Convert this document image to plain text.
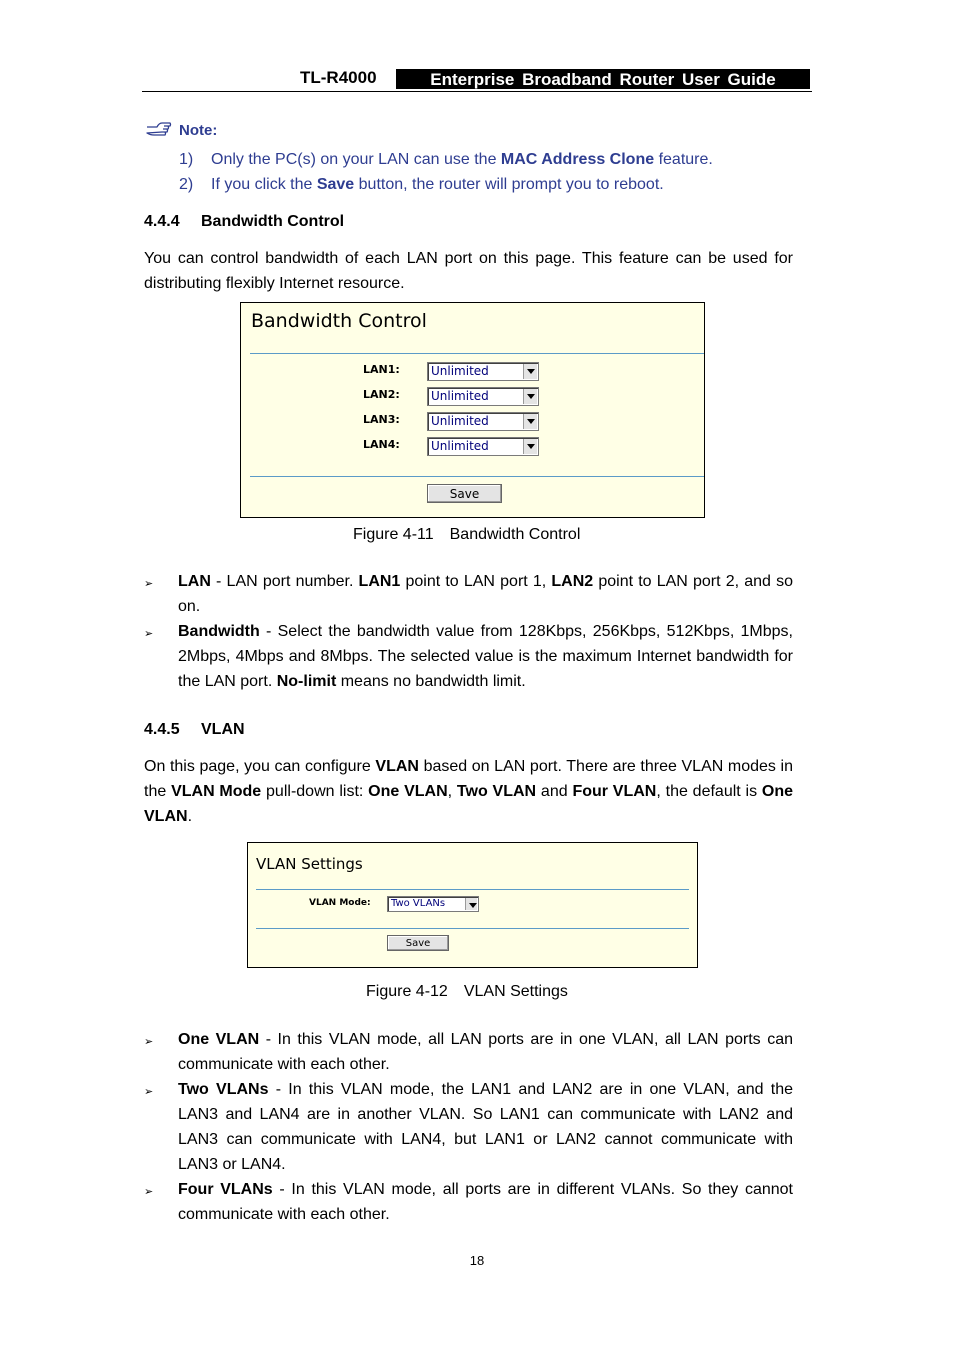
TL-R4000	Enterprise Broadband Router User Guide
Note:
1) Only the PC(s) on your LAN can use the MAC Address Clone feature.
2) If you click the Save button, the router will prompt you to reboot.
4.4.4 Bandwidth Control
You can control bandwidth of each LAN port on this page. This feature can be used for distributing flexibly Internet resource.
Bandwidth Control
LAN1:	Unlimited
LAN2:	Unlimited
LAN3:	Unlimited
LAN4:	Unlimited
Save
Figure 4-11 Bandwidth Control
➢ LAN - LAN port number. LAN1 point to LAN port 1, LAN2 point to LAN port 2, and so on.
➢ Bandwidth - Select the bandwidth value from 128Kbps, 256Kbps, 512Kbps, 1Mbps, 2Mbps, 4Mbps and 8Mbps. The selected value is the maximum Internet bandwidth for the LAN port. No-limit means no bandwidth limit.
4.4.5 VLAN
On this page, you can configure VLAN based on LAN port. There are three VLAN modes in the VLAN Mode pull-down list: One VLAN, Two VLAN and Four VLAN, the default is One VLAN.
VLAN Settings
VLAN Mode: Two VLANs
Save
Figure 4-12 VLAN Settings
➢ One VLAN - In this VLAN mode, all LAN ports are in one VLAN, all LAN ports can communicate with each other.
➢ Two VLANs - In this VLAN mode, the LAN1 and LAN2 are in one VLAN, and the LAN3 and LAN4 are in another VLAN. So LAN1 can communicate with LAN2 and LAN3 can communicate with LAN4, but LAN1 or LAN2 cannot communicate with LAN3 or LAN4.
➢ Four VLANs - In this VLAN mode, all ports are in different VLANs. So they cannot communicate with each other.
18
